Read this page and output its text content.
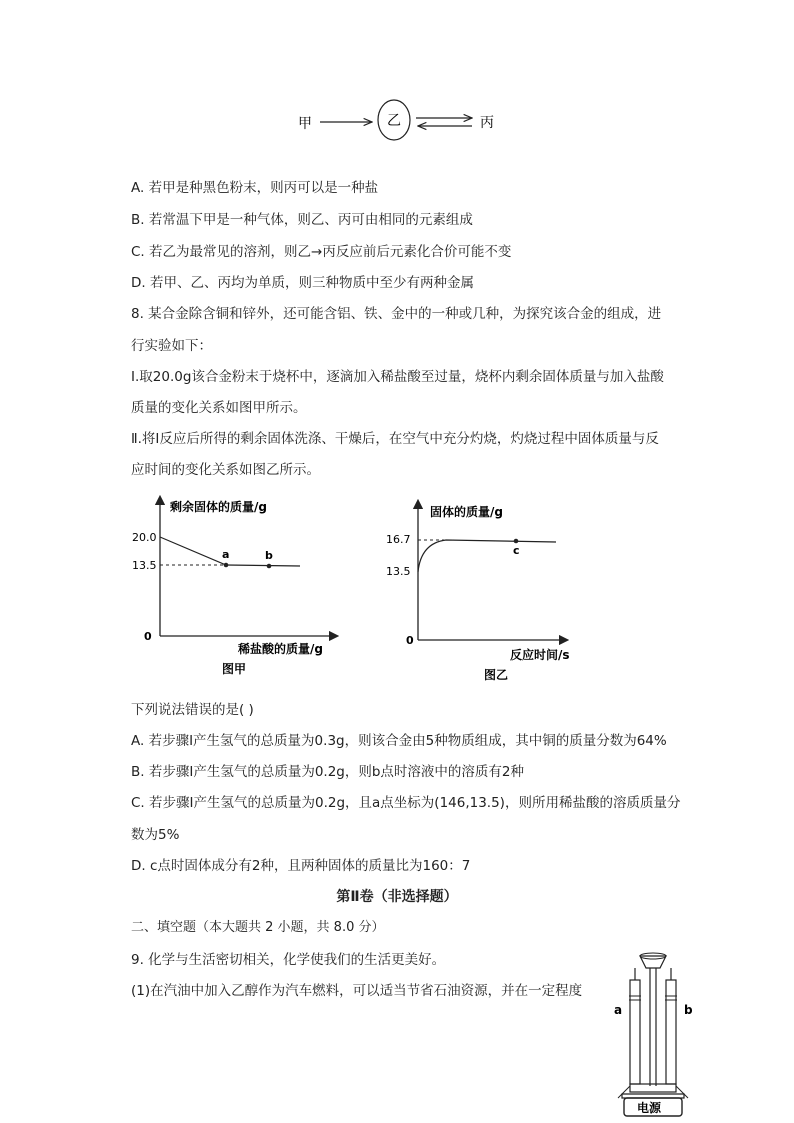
甲	乙	丙
A. 若甲是种黑色粉末，则丙可以是一种盐
B. 若常温下甲是一种气体，则乙、丙可由相同的元素组成
C. 若乙为最常见的溶剂，则乙→丙反应前后元素化合价可能不变
D. 若甲、乙、丙均为单质，则三种物质中至少有两种金属
8. 某合金除含铜和锌外，还可能含铝、铁、金中的一种或几种，为探究该合金的组成，进
行实验如下：
Ⅰ.取20.0g该合金粉末于烧杯中，逐滴加入稀盐酸至过量，烧杯内剩余固体质量与加入盐酸
质量的变化关系如图甲所示。
Ⅱ.将Ⅰ反应后所得的剩余固体洗涤、干燥后，在空气中充分灼烧，灼烧过程中固体质量与反
应时间的变化关系如图乙所示。
剩余固体的质量/g
稀盐酸的质量/g
图甲
0
20.0
13.5
a	b
固体的质量/g
反应时间/s
图乙
0
16.7
13.5
c
下列说法错误的是( )
A. 若步骤Ⅰ产生氢气的总质量为0.3g，则该合金由5种物质组成，其中铜的质量分数为64%
B. 若步骤Ⅰ产生氢气的总质量为0.2g，则b点时溶液中的溶质有2种
C. 若步骤Ⅰ产生氢气的总质量为0.2g，且a点坐标为(146,13.5)，则所用稀盐酸的溶质质量分
数为5%
D. c点时固体成分有2种，且两种固体的质量比为160：7
第Ⅱ卷（非选择题）
二、填空题（本大题共 2 小题，共 8.0 分）
9. 化学与生活密切相关，化学使我们的生活更美好。
(1)在汽油中加入乙醇作为汽车燃料，可以适当节省石油资源，并在一定程度
a	b
电源
